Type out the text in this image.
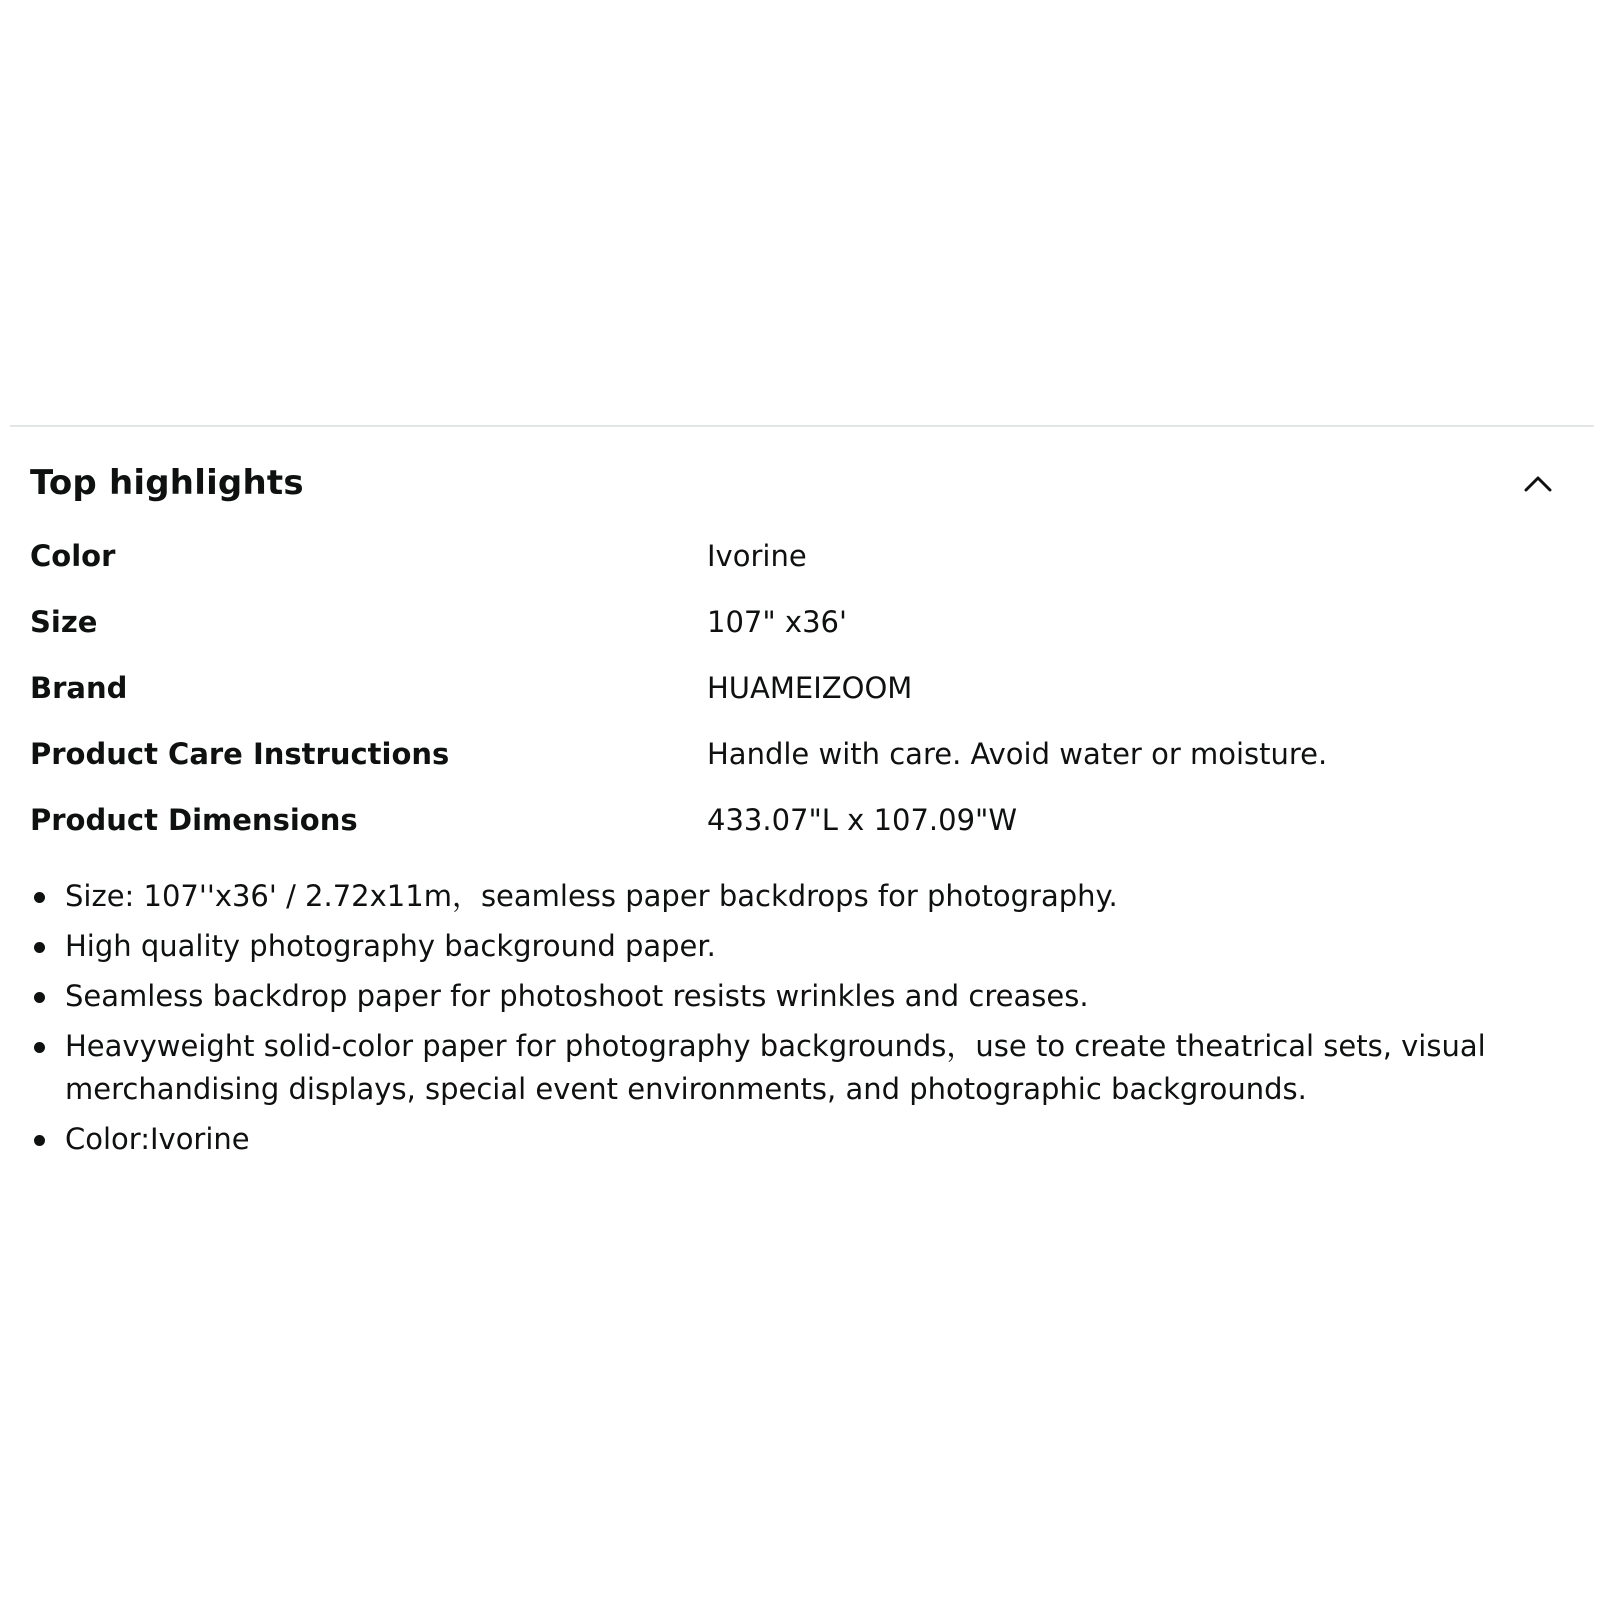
Top highlights
Color	Ivorine
Size	107" x36'
Brand	HUAMEIZOOM
Product Care Instructions	Handle with care. Avoid water or moisture.
Product Dimensions	433.07"L x 107.09"W
Size: 107''x36' / 2.72x11m，seamless paper backdrops for photography.
High quality photography background paper.
Seamless backdrop paper for photoshoot resists wrinkles and creases.
Heavyweight solid-color paper for photography backgrounds，use to create theatrical sets, visual merchandising displays, special event environments, and photographic backgrounds.
Color:Ivorine
